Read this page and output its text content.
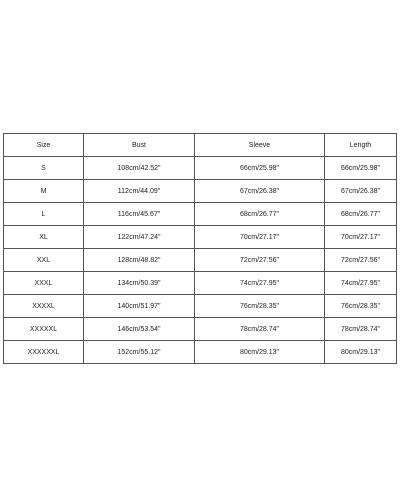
Size	Bust	Sleeve	Length
S	108cm/42.52"	66cm/25.98"	66cm/25.98"
M	112cm/44.09"	67cm/26.38"	67cm/26.38"
L	116cm/45.67"	68cm/26.77"	68cm/26.77"
XL	122cm/47.24"	70cm/27.17"	70cm/27.17"
XXL	128cm/48.82"	72cm/27.56"	72cm/27.56"
XXXL	134cm/50.39"	74cm/27.95"	74cm/27.95"
XXXXL	140cm/51.97"	76cm/28.35"	76cm/28.35"
XXXXXL	146cm/53.54"	78cm/28.74"	78cm/28.74"
XXXXXXL	152cm/55.12"	80cm/29.13"	80cm/29.13"
